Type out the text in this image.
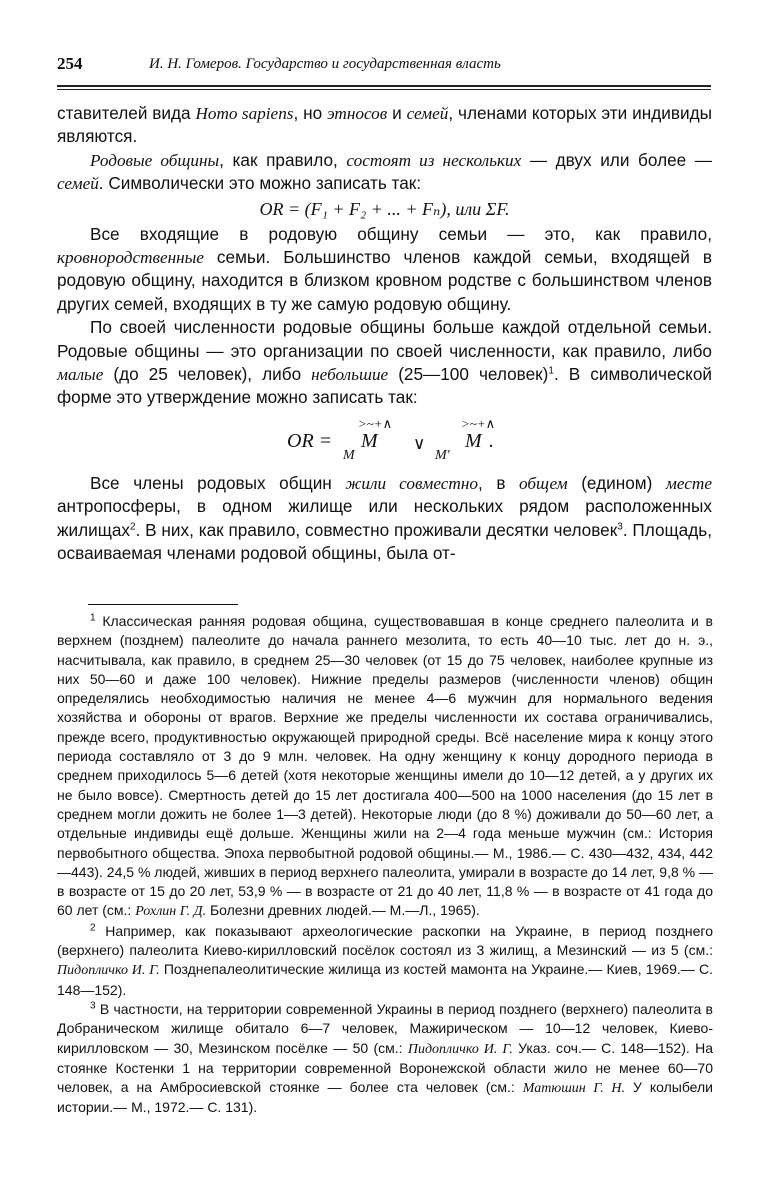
254	И. Н. Гомеров. Государство и государственная власть

ставителей вида Homo sapiens, но этносов и семей, членами которых эти индивиды являются.

Родовые общины, как правило, состоят из нескольких — двух или более — семей. Символически это можно записать так:

OR = (F₁ + F₂ + ... + Fₙ), или ΣF.

Все входящие в родовую общину семьи — это, как правило, кровнородственные семьи. Большинство членов каждой семьи, входящей в родовую общину, находится в близком кровном родстве с большинством членов других семей, входящих в ту же самую родовую общину.

По своей численности родовые общины больше каждой отдельной семьи. Родовые общины — это организации по своей численности, как правило, либо малые (до 25 человек), либо небольшие (25—100 человек)$^1$. В символической форме это утверждение можно записать так:

OR =
M
M
>~+∧
∨
M'
M
>~+∧
.

Все члены родовых общин жили совместно, в общем (едином) месте антропосферы, в одном жилище или нескольких рядом расположенных жилищах$^2$. В них, как правило, совместно проживали десятки человек$^3$. Площадь, осваиваемая членами родовой общины, была от-

$^1$ Классическая ранняя родовая община, существовавшая в конце среднего палеолита и в верхнем (позднем) палеолите до начала раннего мезолита, то есть 40—10 тыс. лет до н. э., насчитывала, как правило, в среднем 25—30 человек (от 15 до 75 человек, наиболее крупные из них 50—60 и даже 100 человек). Нижние пределы размеров (численности членов) общин определялись необходимостью наличия не менее 4—6 мужчин для нормального ведения хозяйства и обороны от врагов. Верхние же пределы численности их состава ограничивались, прежде всего, продуктивностью окружающей природной среды. Всё население мира к концу этого периода составляло от 3 до 9 млн. человек. На одну женщину к концу дородного периода в среднем приходилось 5—6 детей (хотя некоторые женщины имели до 10—12 детей, а у других их не было вовсе). Смертность детей до 15 лет достигала 400—500 на 1000 населения (до 15 лет в среднем могли дожить не более 1—3 детей). Некоторые люди (до 8 %) доживали до 50—60 лет, а отдельные индивиды ещё дольше. Женщины жили на 2—4 года меньше мужчин (см.: История первобытного общества. Эпоха первобытной родовой общины.— М., 1986.— С. 430—432, 434, 442—443). 24,5 % людей, живших в период верхнего палеолита, умирали в возрасте до 14 лет, 9,8 % — в возрасте от 15 до 20 лет, 53,9 % — в возрасте от 21 до 40 лет, 11,8 % — в возрасте от 41 года до 60 лет (см.: Рохлин Г. Д. Болезни древних людей.— М.—Л., 1965).

$^2$ Например, как показывают археологические раскопки на Украине, в период позднего (верхнего) палеолита Киево-кирилловский посёлок состоял из 3 жилищ, а Мезинский — из 5 (см.: Пидопличко И. Г. Позднепалеолитические жилища из костей мамонта на Украине.— Киев, 1969.— С. 148—152).

$^3$ В частности, на территории современной Украины в период позднего (верхнего) палеолита в Добраническом жилище обитало 6—7 человек, Мажирическом — 10—12 человек, Киево-кирилловском — 30, Мезинском посёлке — 50 (см.: Пидопличко И. Г. Указ. соч.— С. 148—152). На стоянке Костенки 1 на территории современной Воронежской области жило не менее 60—70 человек, а на Амбросиевской стоянке — более ста человек (см.: Матюшин Г. Н. У колыбели истории.— М., 1972.— С. 131).
